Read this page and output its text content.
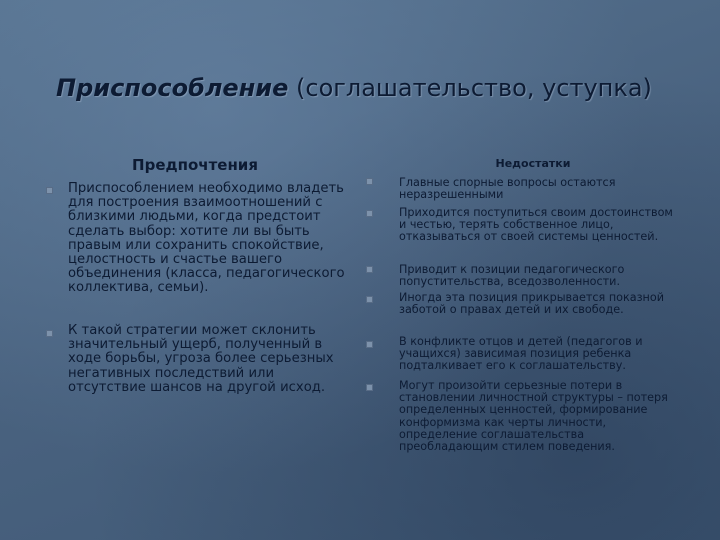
Приспособление (соглашательство, уступка)
Предпочтения
Приспособлением необходимо владеть для построения взаимоотношений с близкими людьми, когда предстоит сделать выбор: хотите ли вы быть правым или сохранить спокойствие, целостность и счастье вашего объединения (класса, педагогического коллектива, семьи).
К такой стратегии может склонить значительный ущерб, полученный в ходе борьбы, угроза более серьезных негативных последствий или отсутствие шансов на другой исход.
Недостатки
Главные спорные вопросы остаются неразрешенными
Приходится поступиться своим достоинством и честью, терять собственное лицо, отказываться от своей системы ценностей.
Приводит к позиции педагогического попустительства, вседозволенности.
Иногда эта позиция прикрывается показной заботой о правах детей и их свободе.
В конфликте отцов и детей (педагогов и учащихся) зависимая позиция ребенка подталкивает его к соглашательству.
Могут произойти серьезные потери в становлении личностной структуры – потеря определенных ценностей, формирование конформизма как черты личности, определение соглашательства преобладающим стилем поведения.
